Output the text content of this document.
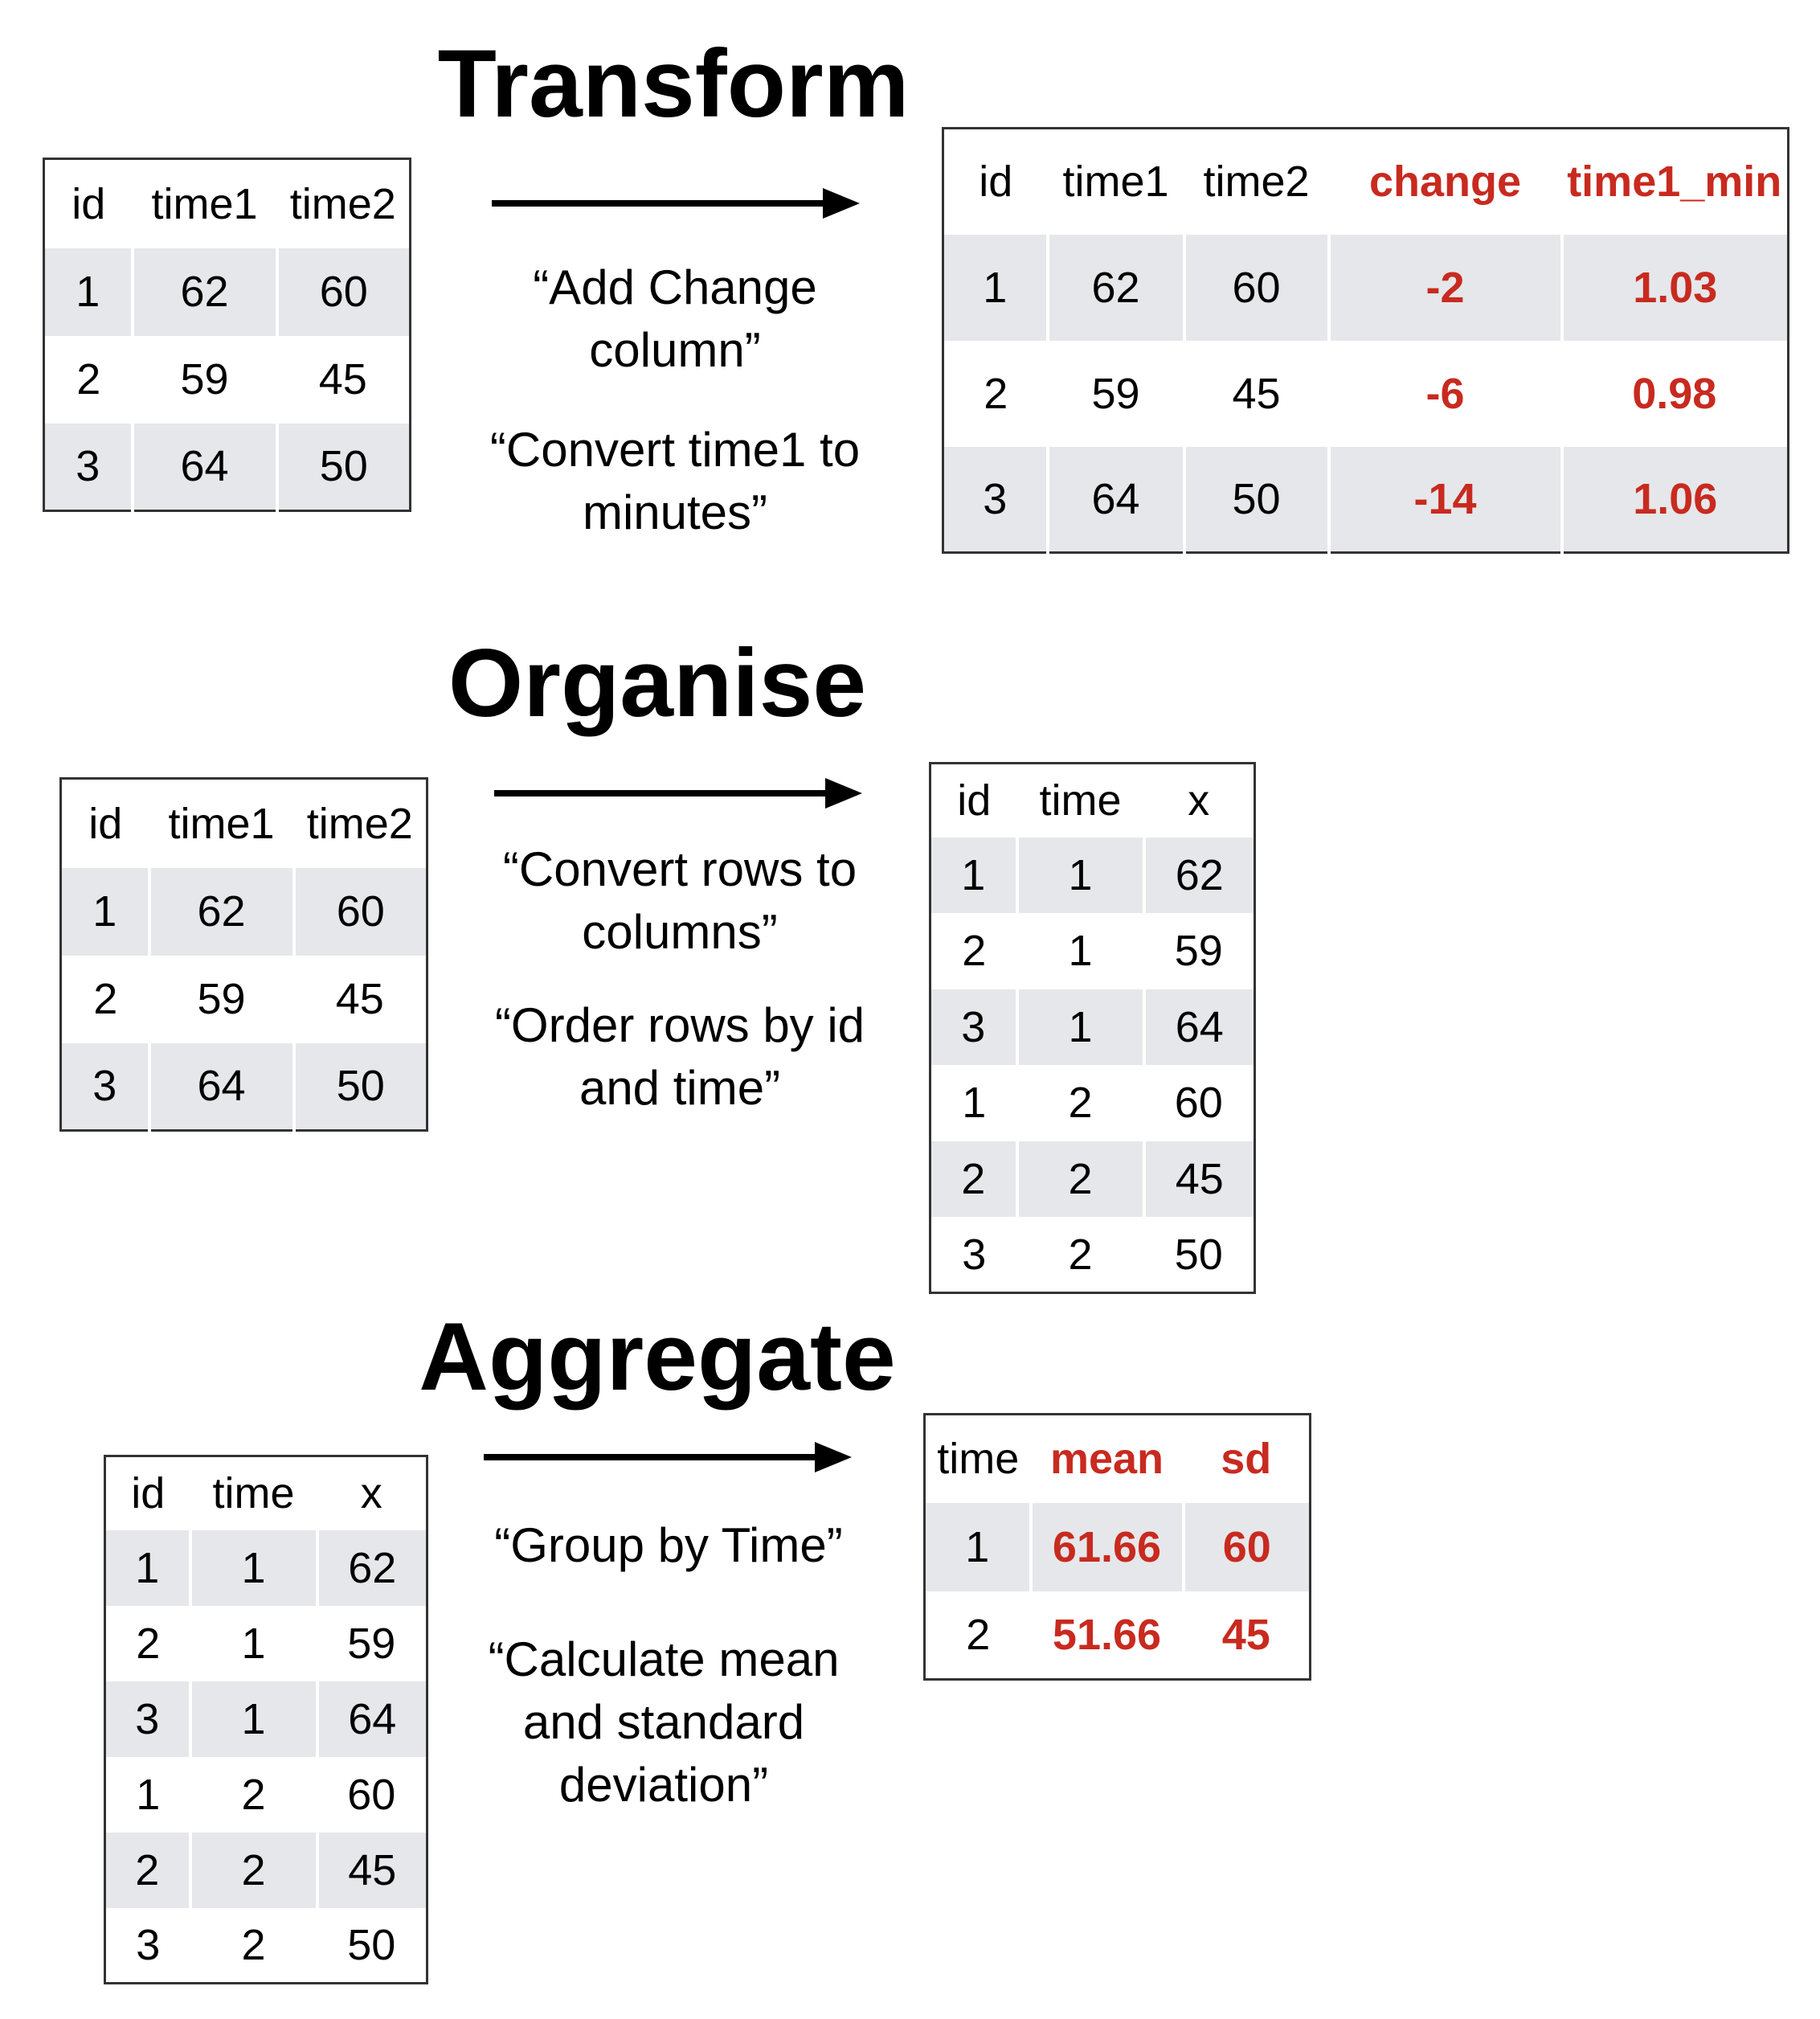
Transform
id	time1	time2
1	62	60
2	59	45
3	64	50

“Add Change
column”

“Convert time1 to
minutes”

id	time1	time2	change	time1_min
1	62	60	-2	1.03
2	59	45	-6	0.98
3	64	50	-14	1.06
Organise
id	time1	time2
1	62	60
2	59	45
3	64	50

“Convert rows to
columns”

“Order rows by id
and time”

id	time	x
1	1	62
2	1	59
3	1	64
1	2	60
2	2	45
3	2	50
Aggregate
id	time	x
1	1	62
2	1	59
3	1	64
1	2	60
2	2	45
3	2	50

“Group by Time”

“Calculate mean
and standard
deviation”

time	mean	sd
1	61.66	60
2	51.66	45
